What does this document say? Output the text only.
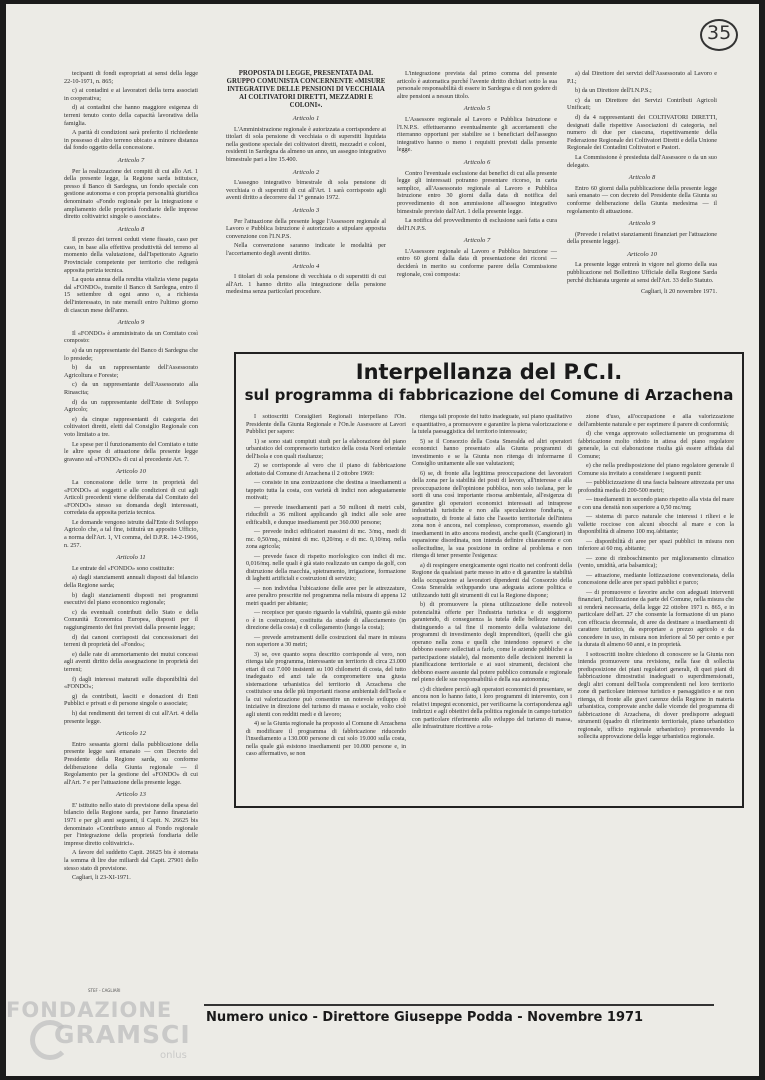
35

tecipanti di fondi espropriati ai sensi della legge 22-10-1971, n. 865;

c) ai contadini e ai lavoratori della terra associati in cooperativa;

d) ai contadini che hanno maggiore esigenza di terreni tenuto conto della capacità lavorativa della famiglia.

A parità di condizioni sarà preferito il richiedente in possesso di altro terreno ubicato a minore distanza dal fondo oggetto della concessione.

Articolo 7

Per la realizzazione dei compiti di cui allo Art. 1 della presente legge, la Regione sarda istituisce, presso il Banco di Sardegna, un fondo speciale con gestione autonoma e con propria personalità giuridica denominato «Fondo regionale per la integrazione e ampliamento delle proprietà fondiarie delle imprese diretto coltivatrici singole o associate».

Articolo 8

Il prezzo dei terreni ceduti viene fissato, caso per caso, in base alla effettiva produttività del terreno al momento della valutazione, dall'Ispettorato Agrario Provinciale competente per territorio che redigerà apposita perizia tecnica.

La quota annua della rendita vitalizia viene pagata dal «FONDO», tramite il Banco di Sardegna, entro il 15 settembre di ogni anno o, a richiesta dell'interessato, in rate mensili entro l'ultimo giorno di ciascun mese dell'anno.

Articolo 9

Il «FONDO» è amministrato da un Comitato così composto:

a) da un rappresentante del Banco di Sardegna che lo presiede;

b) da un rappresentante dell'Assessorato Agricoltura e Foreste;

c) da un rappresentante dell'Assessorato alla Rinascita;

d) da un rappresentante dell'Ente di Sviluppo Agricolo;

e) da cinque rappresentanti di categoria dei coltivatori diretti, eletti dal Consiglio Regionale con voto limitato a tre.

Le spese per il funzionamento del Comitato e tutte le altre spese di attuazione della presente legge gravano sul «FONDO» di cui al precedente Art. 7.

Articolo 10

La concessione delle terre in proprietà del «FONDO» ai soggetti e alle condizioni di cui agli Articoli precedenti viene deliberata dal Comitato del «FONDO» stesso su domanda degli interessati, corredata da apposita perizia tecnica.

Le domande vengono istruite dall'Ente di Sviluppo Agricolo che, a tal fine, istituirà un apposito Ufficio, a norma dell'Art. 1, VI comma, del D.P.R. 14-2-1966, n. 257.

Articolo 11

Le entrate del «FONDO» sono costituite:

a) dagli stanziamenti annuali disposti dal bilancio della Regione sarda;

b) dagli stanziamenti disposti nei programmi esecutivi del piano economico regionale;

c) da eventuali contributi dello Stato e della Comunità Economica Europea, disposti per il raggiungimento dei fini previsti dalla presente legge;

d) dai canoni corrisposti dai concessionari dei terreni di proprietà del «Fondo»;

e) dalle rate di ammortamento dei mutui concessi agli aventi diritto della assegnazione in proprietà dei terreni;

f) dagli interessi maturati sulle disponibilità del «FONDO»;

g) da contributi, lasciti e donazioni di Enti Pubblici e privati e di persone singole o associate;

h) dai rendimenti dei terreni di cui all'Art. 4 della presente legge.

Articolo 12

Entro sessanta giorni dalla pubblicazione della presente legge sarà emanato — con Decreto del Presidente della Regione sarda, su conforme deliberazione della Giunta regionale — il Regolamento per la gestione del «FONDO» di cui all'Art. 7 e per l'attuazione della presente legge.

Articolo 13

E' istituito nello stato di previsione della spesa del bilancio della Regione sarda, per l'anno finanziario 1971 e per gli anni seguenti, il Capit. N. 26625 bis denominato «Contributo annuo al Fondo regionale per l'integrazione della proprietà fondiaria delle imprese diretto coltivatrici».

A favore del suddetto Capit. 26625 bis è stornata la somma di lire due miliardi dal Capit. 27901 dello stesso stato di previsione.

Cagliari, li 23-XI-1971.

PROPOSTA DI LEGGE, PRESENTATA DAL GRUPPO COMUNISTA CONCERNENTE «MISURE INTEGRATIVE DELLE PENSIONI DI VECCHIAIA AI COLTIVATORI DIRETTI, MEZZADRI E COLONI».

Articolo 1

L'Amministrazione regionale è autorizzata a corrispondere ai titolari di sola pensione di vecchiaia o di superstiti liquidata nella gestione speciale dei coltivatori diretti, mezzadri e coloni, residenti in Sardegna da almeno un anno, un assegno integrativo bimestrale pari a lire 15.400.

Articolo 2

L'assegno integrativo bimestrale di sola pensione di vecchiaia o di superstiti di cui all'Art. 1 sarà corrisposto agli aventi diritto a decorrere dal 1° gennaio 1972.

Articolo 3

Per l'attuazione della presente legge l'Assessore regionale al Lavoro e Pubblica Istruzione è autorizzato a stipulare apposita convenzione con l'I.N.P.S.

Nella convenzione saranno indicate le modalità per l'accertamento degli aventi diritto.

Articolo 4

I titolari di sola pensione di vecchiaia o di superstiti di cui all'Art. 1 hanno diritto alla integrazione della pensione medesima senza particolari procedure.

L'integrazione prevista dal primo comma del presente articolo è automatica purché l'avente diritto dichiari sotto la sua personale responsabilità di essere in Sardegna e di non godere di altre pensioni a nessun titolo.

Articolo 5

L'Assessore regionale al Lavoro e Pubblica Istruzione e l'I.N.P.S. effettueranno eventualmente gli accertamenti che riterranno opportuni per stabilire se i beneficiari dell'assegno integrativo hanno o meno i requisiti previsti dalla presente legge.

Articolo 6

Contro l'eventuale esclusione dai benefici di cui alla presente legge gli interessati potranno presentare ricorso, in carta semplice, all'Assessorato regionale al Lavoro e Pubblica Istruzione entro 30 giorni dalla data di notifica del provvedimento di non ammissione all'assegno integrativo bimestrale previsto dall'Art. 1 della presente legge.

La notifica del provvedimento di esclusione sarà fatta a cura dell'I.N.P.S.

Articolo 7

L'Assessore regionale al Lavoro e Pubblica Istruzione — entro 60 giorni dalla data di presentazione dei ricorsi — deciderà in merito su conforme parere della Commissione regionale, così composta:

a) dal Direttore dei servizi dell'Assessorato al Lavoro e P.I.;

b) da un Direttore dell'I.N.P.S.;

c) da un Direttore dei Servizi Contributi Agricoli Unificati;

d) da 4 rappresentanti dei COLTIVATORI DIRETTI, designati dalle rispettive Associazioni di categoria, nel numero di due per ciascuna, rispettivamente della Federazione Regionale dei Coltivatori Diretti e della Unione Regionale dei Contadini Coltivatori e Pastori.

La Commissione è presieduta dall'Assessore o da un suo delegato.

Articolo 8

Entro 60 giorni dalla pubblicazione della presente legge sarà emanato — con decreto del Presidente della Giunta su conforme deliberazione della Giunta medesima — il regolamento di attuazione.

Articolo 9

(Prevede i relativi stanziamenti finanziari per l'attuazione della presente legge).

Articolo 10

La presente legge entrerà in vigore nel giorno della sua pubblicazione nel Bollettino Ufficiale della Regione Sarda perché dichiarata urgente ai sensi dell'Art. 33 dello Statuto.

Cagliari, li 20 novembre 1971.

Interpellanza del P.C.I.
sul programma di fabbricazione del Comune di Arzachena

I sottoscritti Consiglieri Regionali interpellano l'On. Presidente della Giunta Regionale e l'On.le Assessore ai Lavori Pubblici per sapere:

1) se sono stati compiuti studi per la elaborazione del piano urbanistico del comprensorio turistico della costa Nord orientale dell'Isola e con quali risultanze;

2) se corrisponde al vero che il piano di fabbricazione adottato dal Comune di Arzachena il 2 ottobre 1969:

— consiste in una zonizzazione che destina a insediamenti a tappeto tutta la costa, con varietà di indici non adeguatamente motivati;

— prevede insediamenti pari a 50 milioni di metri cubi, riducibili a 36 milioni applicando gli indici alle sole aree edificabili, e dunque insediamenti per 360.000 persone;

— prevede indici edificatori massimi di mc. 3/mq., medi di mc. 0,50/mq., minimi di mc. 0,20/mq. e di mc. 0,10/mq. nella zona agricola;

— prevede fasce di rispetto morfologico con indici di mc. 0,016/mq. nelle quali è già stato realizzato un campo da golf, con distruzione della macchia, spietramento, irrigazione, formazione di laghetti artificiali e costruzioni di servizio;

— non individua l'ubicazione delle aree per le attrezzature, aree peraltro prescritte nel programma nella misura di appena 12 metri quadri per abitante;

— recepisce per questo riguardo la viabilità, quanto già esiste o è in costruzione, costituita da strade di allacciamento (in direzione della costa) e di collegamento (lungo la costa);

— prevede arretramenti delle costruzioni dal mare in misura non superiore a 30 metri;

3) se, ove quanto sopra descritto corrisponde al vero, non ritenga tale programma, interessante un territorio di circa 23.000 ettari di cui 7.000 insistenti su 100 chilometri di costa, del tutto inadeguato ed anzi tale da compromettere una giusta sistemazione urbanistica del territorio di Arzachena che costituisce una delle più importanti risorse ambientali dell'Isola e la cui valorizzazione può consentire un notevole sviluppo di iniziative in direzione del turismo di massa e sociale, volto cioè agli utenti con redditi medi e di lavoro;

4) se la Giunta regionale ha proposto al Comune di Arzachena di modificare il programma di fabbricazione riducendo l'insediamento a 130.000 persone di cui solo 19.000 sulla costa, nella quale già esistono insediamenti per 10.000 persone e, in caso affermativo, se non

ritenga tali proposte del tutto inadeguate, sul piano qualitativo e quantitativo, a promuovere e garantire la piena valorizzazione e la tutela paesaggistica del territorio interessato;

5) se il Consorzio della Costa Smeralda ed altri operatori economici hanno presentato alla Giunta programmi di investimento e se la Giunta non ritenga di informarne il Consiglio unitamente alle sue valutazioni;

6) se, di fronte alla legittima preoccupazione dei lavoratori della zona per la stabilità dei posti di lavoro, all'interesse e alla preoccupazione dell'opinione pubblica, non solo isolana, per le sorti di una così importante risorsa ambientale, all'esigenza di garantire gli operatori economici interessati ad intraprese industriali turistiche e non alla speculazione fondiaria, e soprattutto, di fronte al fatto che l'assetto territoriale dell'intera zona non è ancora, nel complesso, compromesso, essendo gli insediamenti in atto ancora modesti, anche quelli (Cangiorari) in espansione disordinata, non intenda definire chiaramente e con sollecitudine, la sua posizione in ordine al problema e non ritenga di tener presente l'esigenza:

a) di respingere energicamente ogni ricatto nei confronti della Regione da qualsiasi parte messo in atto e di garantire la stabilità della occupazione ai lavoratori dipendenti dal Consorzio della Costa Smeralda sviluppando una adeguata azione politica e utilizzando tutti gli strumenti di cui la Regione dispone;

b) di promuovere la piena utilizzazione delle notevoli potenzialità offerte per l'industria turistica e di soggiorno garantendo, di conseguenza la tutela delle bellezze naturali, distinguendo a tal fine il momento della valutazione dei programmi di investimento degli imprenditori, (quelli che già operano nella zona e quelli che intendono operarvi e che debbono essere sollecitati a farlo, come le aziende pubbliche e a partecipazione statale), dal momento delle decisioni inerenti la pianificazione territoriale e ai suoi strumenti, decisioni che debbono essere assunte dal potere pubblico comunale e regionale nel pieno delle sue responsabilità e della sua autonomia;

c) di chiedere perciò agli operatori economici di presentare, se ancora non lo hanno fatto, i loro programmi di intervento, con i relativi impegni economici, per verificarne la corrispondenza agli indirizzi e agli obiettivi della politica regionale in campo turistico con particolare riferimento allo sviluppo del turismo di massa, alle infrastrutture ricettive a rota-

zione d'uso, all'occupazione e alla valorizzazione dell'ambiente naturale e per esprimere il parere di conformità;

d) che venga approvato sollecitamente un programma di fabbricazione molto ridotto in attesa del piano regolatore generale, la cui elaborazione risulta già essere affidata dal Comune;

e) che nella predisposizione del piano regolatore generale il Comune sia invitato a considerare i seguenti punti:

— pubblicizzazione di una fascia balneare attrezzata per una profondità media di 200-500 metri;

— insediamenti in secondo piano rispetto alla vista del mare e con una densità non superiore a 0,50 mc/mq;

— sistema di parco naturale che interessi i rilievi e le vallette rocciose con alcuni sbocchi al mare e con la disponibilità di almeno 100 mq./abitante;

— disponibilità di aree per spazi pubblici in misura non inferiore ai 60 mq. abitante;

— zone di rimboschimento per miglioramento climatico (vento, umidità, aria balsamica);

— attuazione, mediante lottizzazione convenzionata, della concessione delle aree per spazi pubblici e parco;

— di promuovere e favorire anche con adeguati interventi finanziari, l'utilizzazione da parte del Comune, nella misura che si renderà necessaria, della legge 22 ottobre 1971 n. 865, e in particolare dell'art. 27 che consente la formazione di un piano con efficacia decennale, di aree da destinare a insediamenti di carattere turistico, da espropriare a prezzo agricolo e da concedere in uso, in misura non inferiore al 50 per cento e per la durata di almeno 60 anni, e in proprietà.

I sottoscritti inoltre chiedono di conoscere se la Giunta non intenda promuovere una revisione, nella fase di sollecita predisposizione dei piani regolatori generali, di quei piani di fabbricazione dimostratisi inadeguati o superdimensionati, degli altri comuni dell'Isola comprendenti nel loro territorio zone di particolare interesse turistico e paesaggistico e se non ritenga, di fronte alle gravi carenze della Regione in materia urbanistica, comprovate anche dalle vicende del programma di fabbricazione di Arzachena, di dover predisporre adeguati strumenti (quadro di riferimento territoriale, piano urbanistico regionale, ufficio regionale urbanistico) promuovendo la sollecita approvazione della legge urbanistica regionale.

STEF - CAGLIARI
Numero unico - Direttore Giuseppe Podda - Novembre 1971
FONDAZIONE
GRAMSCI
onlus
